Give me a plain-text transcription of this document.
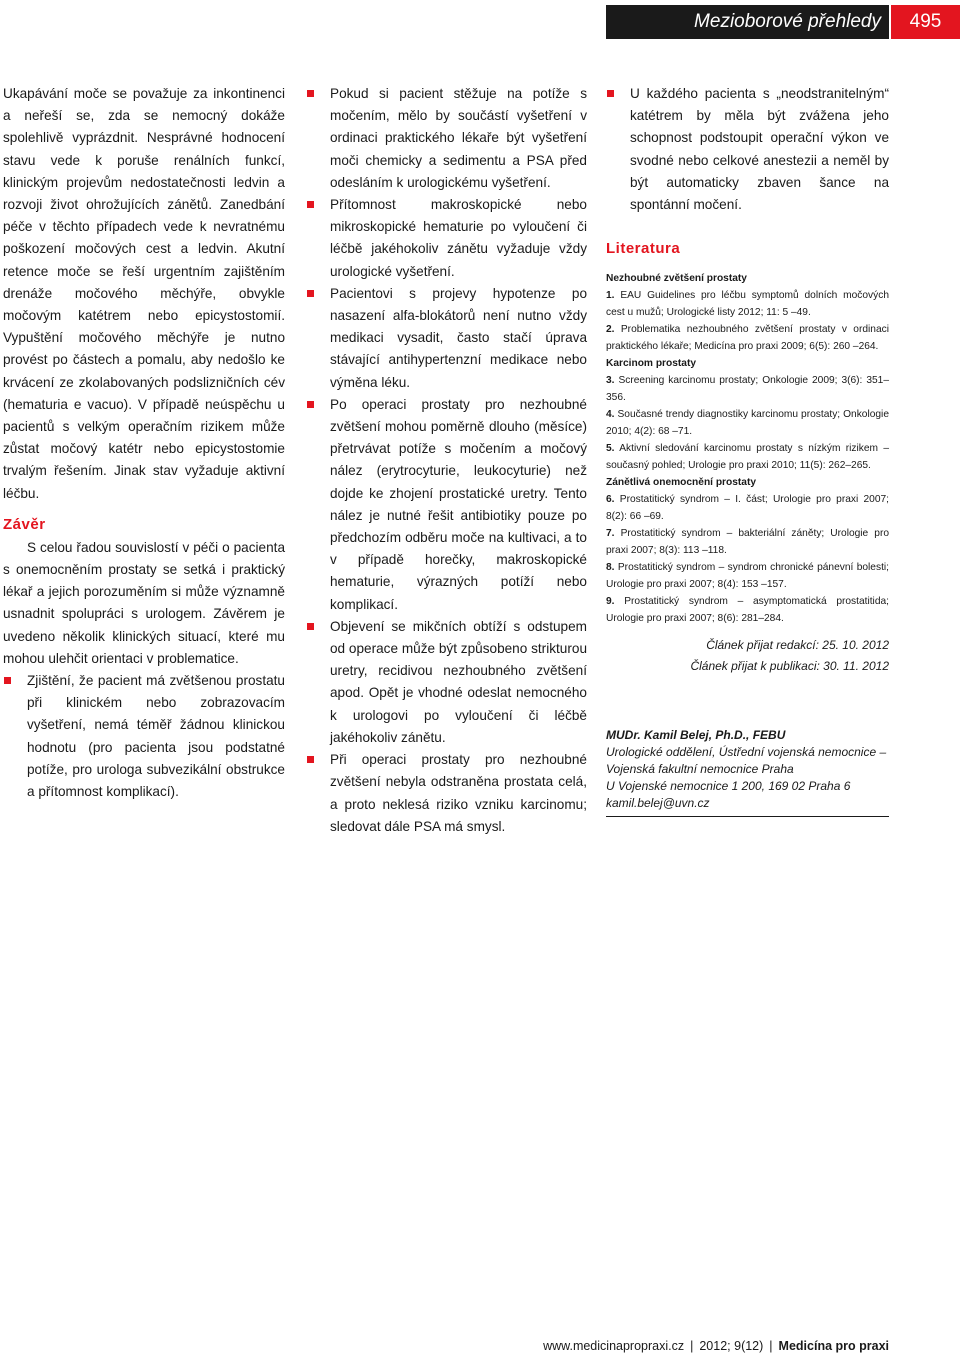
Mezioborové přehledy	495

Ukapávání moče se považuje za inkontinenci a neřeší se, zda se nemocný dokáže spolehlivě vyprázdnit. Nesprávné hodnocení stavu vede k poruše renálních funkcí, klinickým projevům nedostatečnosti ledvin a rozvoji život ohrožujících zánětů. Zanedbání péče v těchto případech vede k nevratnému poškození močových cest a ledvin. Akutní retence moče se řeší urgentním zajištěním drenáže močového měchýře, obvykle močovým katétrem nebo epicystostomií. Vypuštění močového měchýře je nutno provést po částech a pomalu, aby nedošlo ke krvácení ze zkolabovaných podslizničních cév (hematuria e vacuo). V případě neúspěchu u pacientů s velkým operačním rizikem může zůstat močový katétr nebo epicystostomie trvalým řešením. Jinak stav vyžaduje aktivní léčbu.

Závěr

S celou řadou souvislostí v péči o pacienta s onemocněním prostaty se setká i praktický lékař a jejich porozuměním si může významně usnadnit spolupráci s urologem. Závěrem je uvedeno několik klinických situací, které mu mohou ulehčit orientaci v problematice.

Zjištění, že pacient má zvětšenou prostatu při klinickém nebo zobrazovacím vyšetření, nemá téměř žádnou klinickou hodnotu (pro pacienta jsou podstatné potíže, pro urologa subvezikální obstrukce a přítomnost komplikací).
Pokud si pacient stěžuje na potíže s močením, mělo by součástí vyšetření v ordinaci praktického lékaře být vyšetření moči chemicky a sedimentu a PSA před odesláním k urologickému vyšetření.
Přítomnost makroskopické nebo mikroskopické hematurie po vyloučení či léčbě jakéhokoliv zánětu vyžaduje vždy urologické vyšetření.
Pacientovi s projevy hypotenze po nasazení alfa-blokátorů není nutno vždy medikaci vysadit, často stačí úprava stávající antihypertenzní medikace nebo výměna léku.
Po operaci prostaty pro nezhoubné zvětšení mohou poměrně dlouho (měsíce) přetrvávat potíže s močením a močový nález (erytrocyturie, leukocyturie) než dojde ke zhojení prostatické uretry. Tento nález je nutné řešit antibiotiky pouze po předchozím odběru moče na kultivaci, a to v případě horečky, makroskopické hematurie, výrazných potíží nebo komplikací.
Objevení se mikčních obtíží s odstupem od operace může být způsobeno strikturou uretry, recidivou nezhoubného zvětšení apod. Opět je vhodné odeslat nemocného k urologovi po vyloučení či léčbě jakéhokoliv zánětu.
Při operaci prostaty pro nezhoubné zvětšení nebyla odstraněna prostata celá, a proto neklesá riziko vzniku karcinomu; sledovat dále PSA má smysl.
U každého pacienta s „neodstranitelným“ katétrem by měla být zvážena jeho schopnost podstoupit operační výkon ve svodné nebo celkové anestezii a neměl by být automaticky zbaven šance na spontánní močení.
Literatura
Nezhoubné zvětšení prostaty

1. EAU Guidelines pro léčbu symptomů dolních močových cest u mužů; Urologické listy 2012; 11: 5 –49.

2. Problematika nezhoubného zvětšení prostaty v ordinaci praktického lékaře; Medicína pro praxi 2009; 6(5): 260 –264.

Karcinom prostaty

3. Screening karcinomu prostaty; Onkologie 2009; 3(6): 351–356.

4. Současné trendy diagnostiky karcinomu prostaty; Onkologie 2010; 4(2): 68 –71.

5. Aktivní sledování karcinomu prostaty s nízkým rizikem – současný pohled; Urologie pro praxi 2010; 11(5): 262–265.

Zánětlivá onemocnění prostaty

6. Prostatitický syndrom – I. část; Urologie pro praxi 2007; 8(2): 66 –69.

7. Prostatitický syndrom – bakteriální záněty; Urologie pro praxi 2007; 8(3): 113 –118.

8. Prostatitický syndrom – syndrom chronické pánevní bolesti; Urologie pro praxi 2007; 8(4): 153 –157.

9. Prostatitický syndrom – asymptomatická prostatitida; Urologie pro praxi 2007; 8(6): 281–284.

Článek přijat redakcí: 25. 10. 2012
Článek přijat k publikaci: 30. 11. 2012
MUDr. Kamil Belej, Ph.D., FEBU
Urologické oddělení, Ústřední vojenská nemocnice –
Vojenská fakultní nemocnice Praha
U Vojenské nemocnice 1 200, 169 02 Praha 6
kamil.belej@uvn.cz
www.medicinapropraxi.cz | 2012; 9(12) | Medicína pro praxi
